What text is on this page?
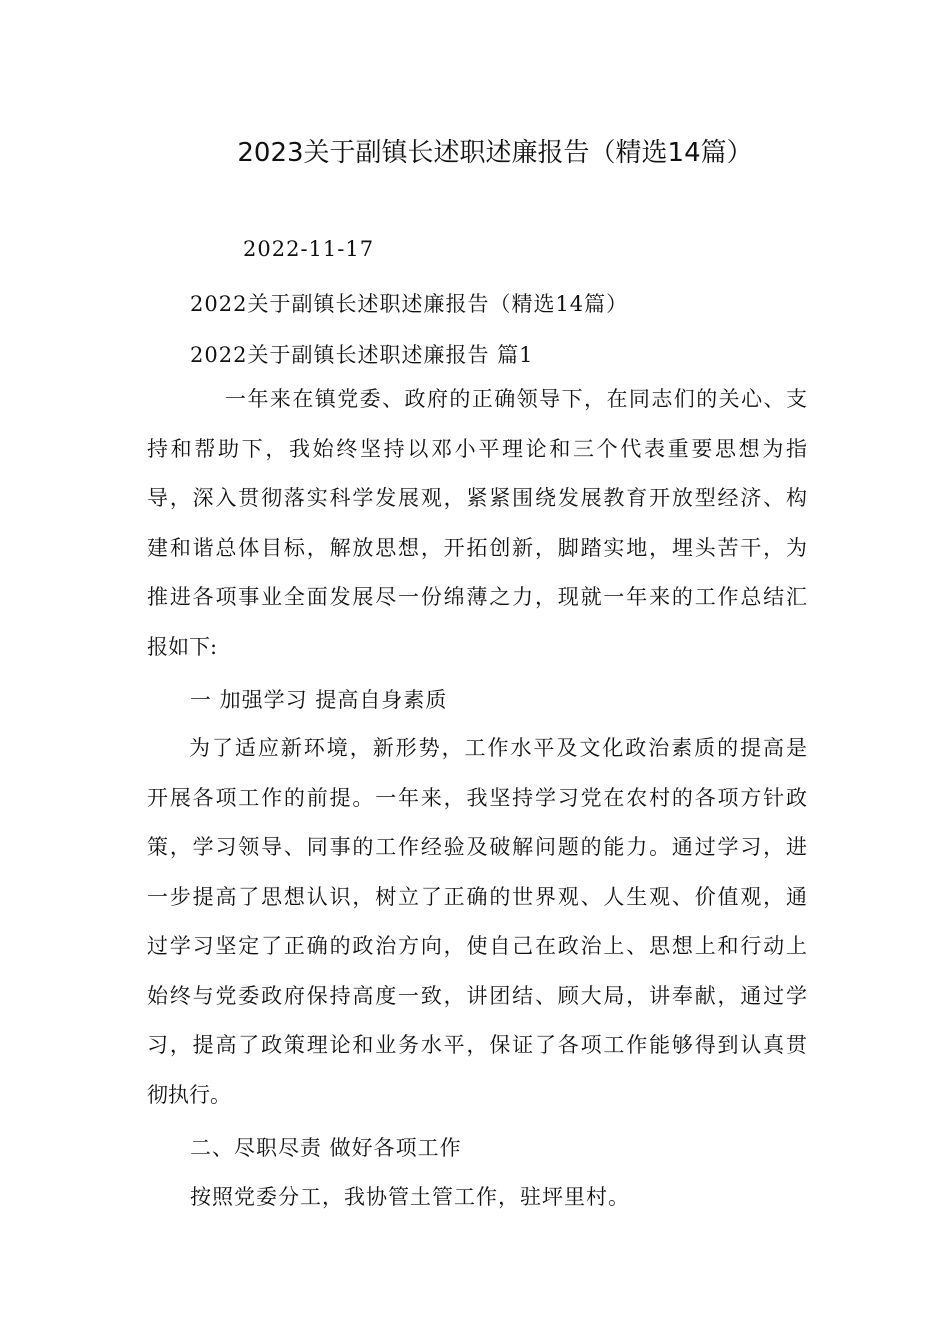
2023关于副镇长述职述廉报告（精选14篇）
2022-11-17
2022关于副镇长述职述廉报告（精选14篇）
2022关于副镇长述职述廉报告 篇1
一年来在镇党委、政府的正确领导下，在同志们的关心、支
持和帮助下，我始终坚持以邓小平理论和三个代表重要思想为指
导，深入贯彻落实科学发展观，紧紧围绕发展教育开放型经济、构
建和谐总体目标，解放思想，开拓创新，脚踏实地，埋头苦干，为
推进各项事业全面发展尽一份绵薄之力，现就一年来的工作总结汇
报如下:
一 加强学习 提高自身素质
为了适应新环境，新形势，工作水平及文化政治素质的提高是
开展各项工作的前提。一年来，我坚持学习党在农村的各项方针政
策，学习领导、同事的工作经验及破解问题的能力。通过学习，进
一步提高了思想认识，树立了正确的世界观、人生观、价值观，通
过学习坚定了正确的政治方向，使自己在政治上、思想上和行动上
始终与党委政府保持高度一致，讲团结、顾大局，讲奉献，通过学
习，提高了政策理论和业务水平，保证了各项工作能够得到认真贯
彻执行。
二、尽职尽责 做好各项工作
按照党委分工，我协管土管工作，驻坪里村。
